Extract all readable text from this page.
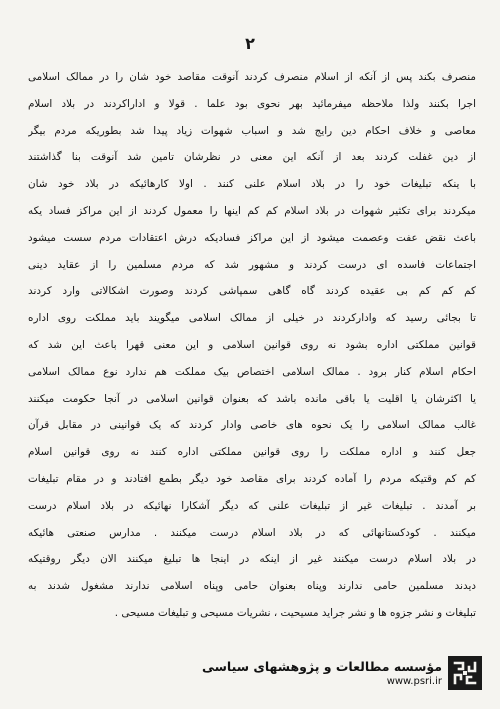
۲
منصرف بکند پس از آنکه از اسلام منصرف کردند آنوقت مقاصد خود شان را در ممالک اسلامی
اجرا بکنند ولذا ملاحظه میفرمائید بهر نحوی بود علما . قولا و اداراکردند در بلاد اسلام
معاصی و خلاف احکام دین رایج شد و اسباب شهوات زیاد پیدا شد بطوریکه مردم بیگر
از دین غفلت کردند بعد از آنکه این معنی در نظرشان تامین شد آنوقت بنا گذاشتند
با ینکه تبلیغات خود را در بلاد اسلام علنی کنند . اولا کارهائیکه در بلاد خود شان
میکردند برای تکثیر شهوات در بلاد اسلام کم کم اینها را معمول کردند از این مراکز فساد یکه
باعث نقض عفت وعصمت میشود از این مراکز فسادیکه درش اعتقادات مردم سست میشود
اجتماعات فاسده ای درست کردند و مشهور شد که مردم مسلمین را از عقاید دینی
کم کم کم بی عقیده کردند گاه گاهی سمپاشی کردند وصورت اشکالاتی وارد کردند
تا بجائی رسید که وادارکردند در خیلی از ممالک اسلامی میگویند باید مملکت روی اداره
قوانین مملکتی اداره بشود نه روی قوانین اسلامی و این معنی قهرا باعث این شد که
احکام اسلام کنار برود . ممالک اسلامی اختصاص بیک مملکت هم ندارد نوع ممالک اسلامی
یا اکثرشان یا اقلیت یا باقی مانده باشد که بعنوان قوانین اسلامی در آنجا حکومت میکنند
غالب ممالک اسلامی را یک نحوه های خاصی وادار کردند که یک قوانینی در مقابل قرآن
جعل کنند و اداره مملکت را روی قوانین مملکتی اداره کنند نه روی قوانین اسلام
کم کم وقتیکه مردم را آماده کردند برای مقاصد خود دیگر بطمع افتادند و در مقام تبلیغات
بر آمدند . تبلیغات غیر از تبلیغات علنی که دیگر آشکارا نهائیکه در بلاد اسلام درست
میکنند . کودکستانهائی که در بلاد اسلام درست میکنند . مدارس صنعتی هائیکه
در بلاد اسلام درست میکنند غیر از اینکه در اینجا ها تبلیغ میکنند الان دیگر روقتیکه
دیدند مسلمین حامی ندارند وپناه بعنوان حامی وپناه اسلامی ندارند مشغول شدند به
تبلیغات و نشر جزوه ها و نشر جراید مسیحیت ، نشریات مسیحی و تبلیغات مسیحی .
مؤسسه مطالعات و پژوهشهای سیاسی
www.psri.ir
